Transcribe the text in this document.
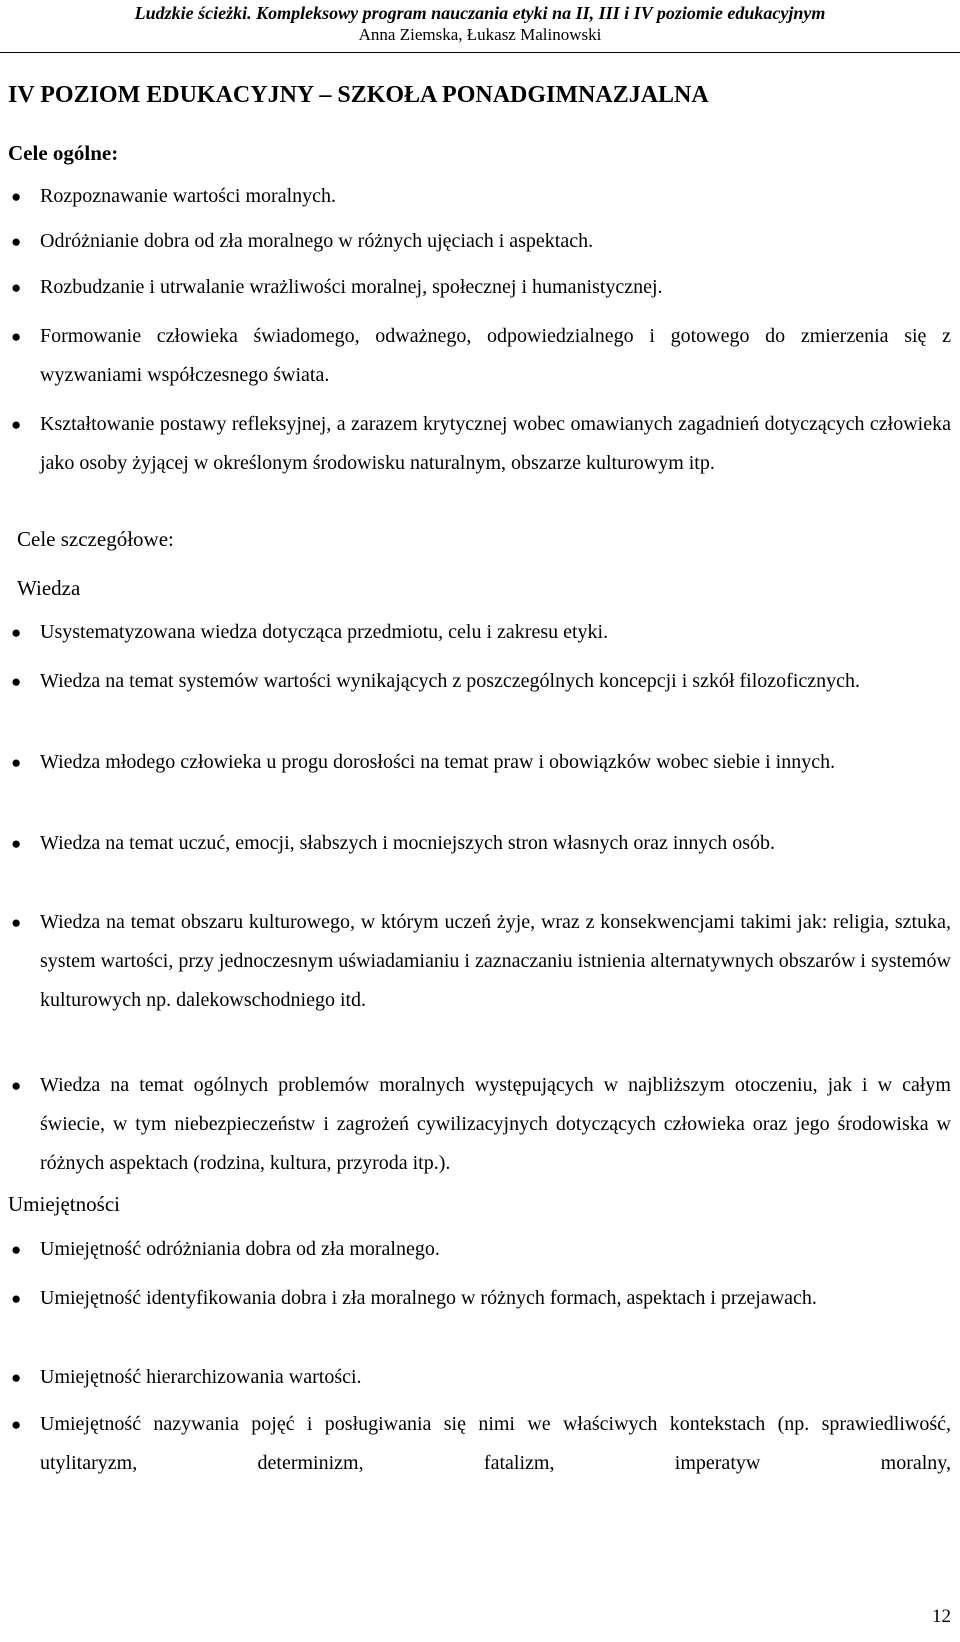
Ludzkie ścieżki. Kompleksowy program nauczania etyki na II, III i IV poziomie edukacyjnym
Anna Ziemska, Łukasz Malinowski
IV POZIOM EDUKACYJNY – SZKOŁA PONADGIMNAZJALNA
Cele ogólne:
● Rozpoznawanie wartości moralnych.
● Odróżnianie dobra od zła moralnego w różnych ujęciach i aspektach.
● Rozbudzanie i utrwalanie wrażliwości moralnej, społecznej i humanistycznej.
● Formowanie człowieka świadomego, odważnego, odpowiedzialnego i gotowego do zmierzenia się z wyzwaniami współczesnego świata.
● Kształtowanie postawy refleksyjnej, a zarazem krytycznej wobec omawianych zagadnień dotyczących człowieka jako osoby żyjącej w określonym środowisku naturalnym, obszarze kulturowym itp.
Cele szczegółowe:
Wiedza
● Usystematyzowana wiedza dotycząca przedmiotu, celu i zakresu etyki.
● Wiedza na temat systemów wartości wynikających z poszczególnych koncepcji i szkół filozoficznych.
● Wiedza młodego człowieka u progu dorosłości na temat praw i obowiązków wobec siebie i innych.
● Wiedza na temat uczuć, emocji, słabszych i mocniejszych stron własnych oraz innych osób.
● Wiedza na temat obszaru kulturowego, w którym uczeń żyje, wraz z konsekwencjami takimi jak: religia, sztuka, system wartości, przy jednoczesnym uświadamianiu i zaznaczaniu istnienia alternatywnych obszarów i systemów kulturowych np. dalekowschodniego itd.
● Wiedza na temat ogólnych problemów moralnych występujących w najbliższym otoczeniu, jak i w całym świecie, w tym niebezpieczeństw i zagrożeń cywilizacyjnych dotyczących człowieka oraz jego środowiska w różnych aspektach (rodzina, kultura, przyroda itp.).
Umiejętności
● Umiejętność odróżniania dobra od zła moralnego.
● Umiejętność identyfikowania dobra i zła moralnego w różnych formach, aspektach i przejawach.
● Umiejętność hierarchizowania wartości.
● Umiejętność nazywania pojęć i posługiwania się nimi we właściwych kontekstach (np. sprawiedliwość, utylitaryzm, determinizm, fatalizm, imperatyw moralny,
12
